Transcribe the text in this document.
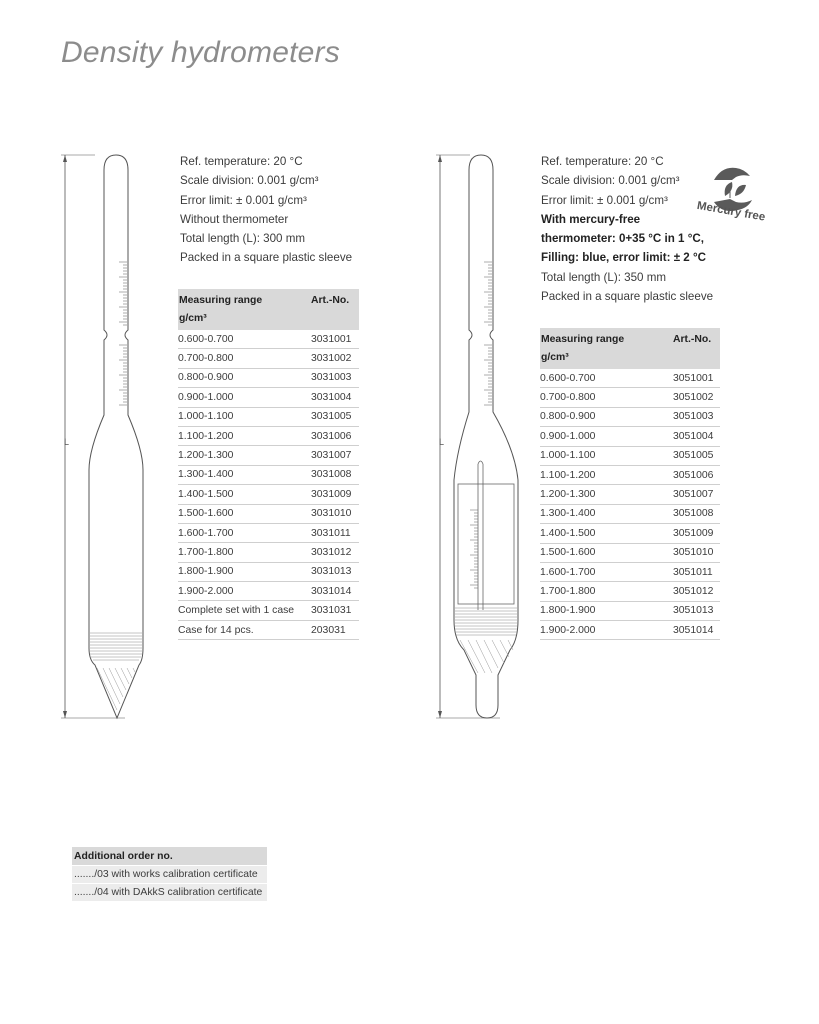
Density hydrometers
L
Ref. temperature: 20 °C
Scale division: 0.001 g/cm³
Error limit: ± 0.001 g/cm³
Without thermometer
Total length (L): 300 mm
Packed in a square plastic sleeve
Measuring range
g/cm³	Art.-No.
0.600-0.700	3031001
0.700-0.800	3031002
0.800-0.900	3031003
0.900-1.000	3031004
1.000-1.100	3031005
1.100-1.200	3031006
1.200-1.300	3031007
1.300-1.400	3031008
1.400-1.500	3031009
1.500-1.600	3031010
1.600-1.700	3031011
1.700-1.800	3031012
1.800-1.900	3031013
1.900-2.000	3031014
Complete set with 1 case	3031031
Case for 14 pcs.	203031
L
Ref. temperature: 20 °C
Scale division: 0.001 g/cm³
Error limit: ± 0.001 g/cm³
With mercury-free
thermometer: 0+35 °C in 1 °C,
Filling: blue, error limit: ± 2 °C
Total length (L): 350 mm
Packed in a square plastic sleeve
Mercury free
Measuring range
g/cm³	Art.-No.
0.600-0.700	3051001
0.700-0.800	3051002
0.800-0.900	3051003
0.900-1.000	3051004
1.000-1.100	3051005
1.100-1.200	3051006
1.200-1.300	3051007
1.300-1.400	3051008
1.400-1.500	3051009
1.500-1.600	3051010
1.600-1.700	3051011
1.700-1.800	3051012
1.800-1.900	3051013
1.900-2.000	3051014
Additional order no.
......./03 with works calibration certificate
......./04 with DAkkS calibration certificate
